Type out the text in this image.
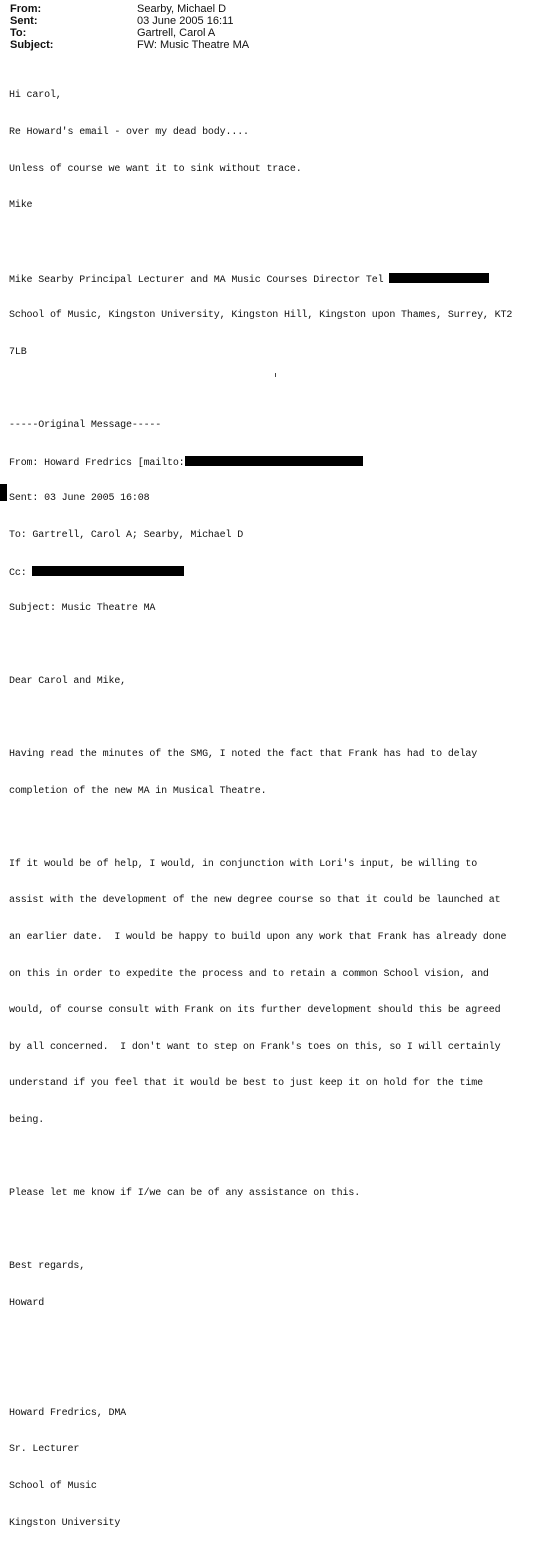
From:	Searby, Michael D
Sent:	03 June 2005 16:11
To:	Gartrell, Carol A
Subject:	FW: Music Theatre MA

Hi carol,

Re Howard's email - over my dead body....

Unless of course we want it to sink without trace.

Mike

Mike Searby Principal Lecturer and MA Music Courses Director Tel

School of Music, Kingston University, Kingston Hill, Kingston upon Thames, Surrey, KT2

7LB

-----Original Message-----

From: Howard Fredrics [mailto:

Sent: 03 June 2005 16:08

To: Gartrell, Carol A; Searby, Michael D

Cc:

Subject: Music Theatre MA

Dear Carol and Mike,

Having read the minutes of the SMG, I noted the fact that Frank has had to delay

completion of the new MA in Musical Theatre.

If it would be of help, I would, in conjunction with Lori's input, be willing to

assist with the development of the new degree course so that it could be launched at

an earlier date.  I would be happy to build upon any work that Frank has already done

on this in order to expedite the process and to retain a common School vision, and

would, of course consult with Frank on its further development should this be agreed

by all concerned.  I don't want to step on Frank's toes on this, so I will certainly

understand if you feel that it would be best to just keep it on hold for the time

being.

Please let me know if I/we can be of any assistance on this.

Best regards,

Howard

Howard Fredrics, DMA

Sr. Lecturer

School of Music

Kingston University
